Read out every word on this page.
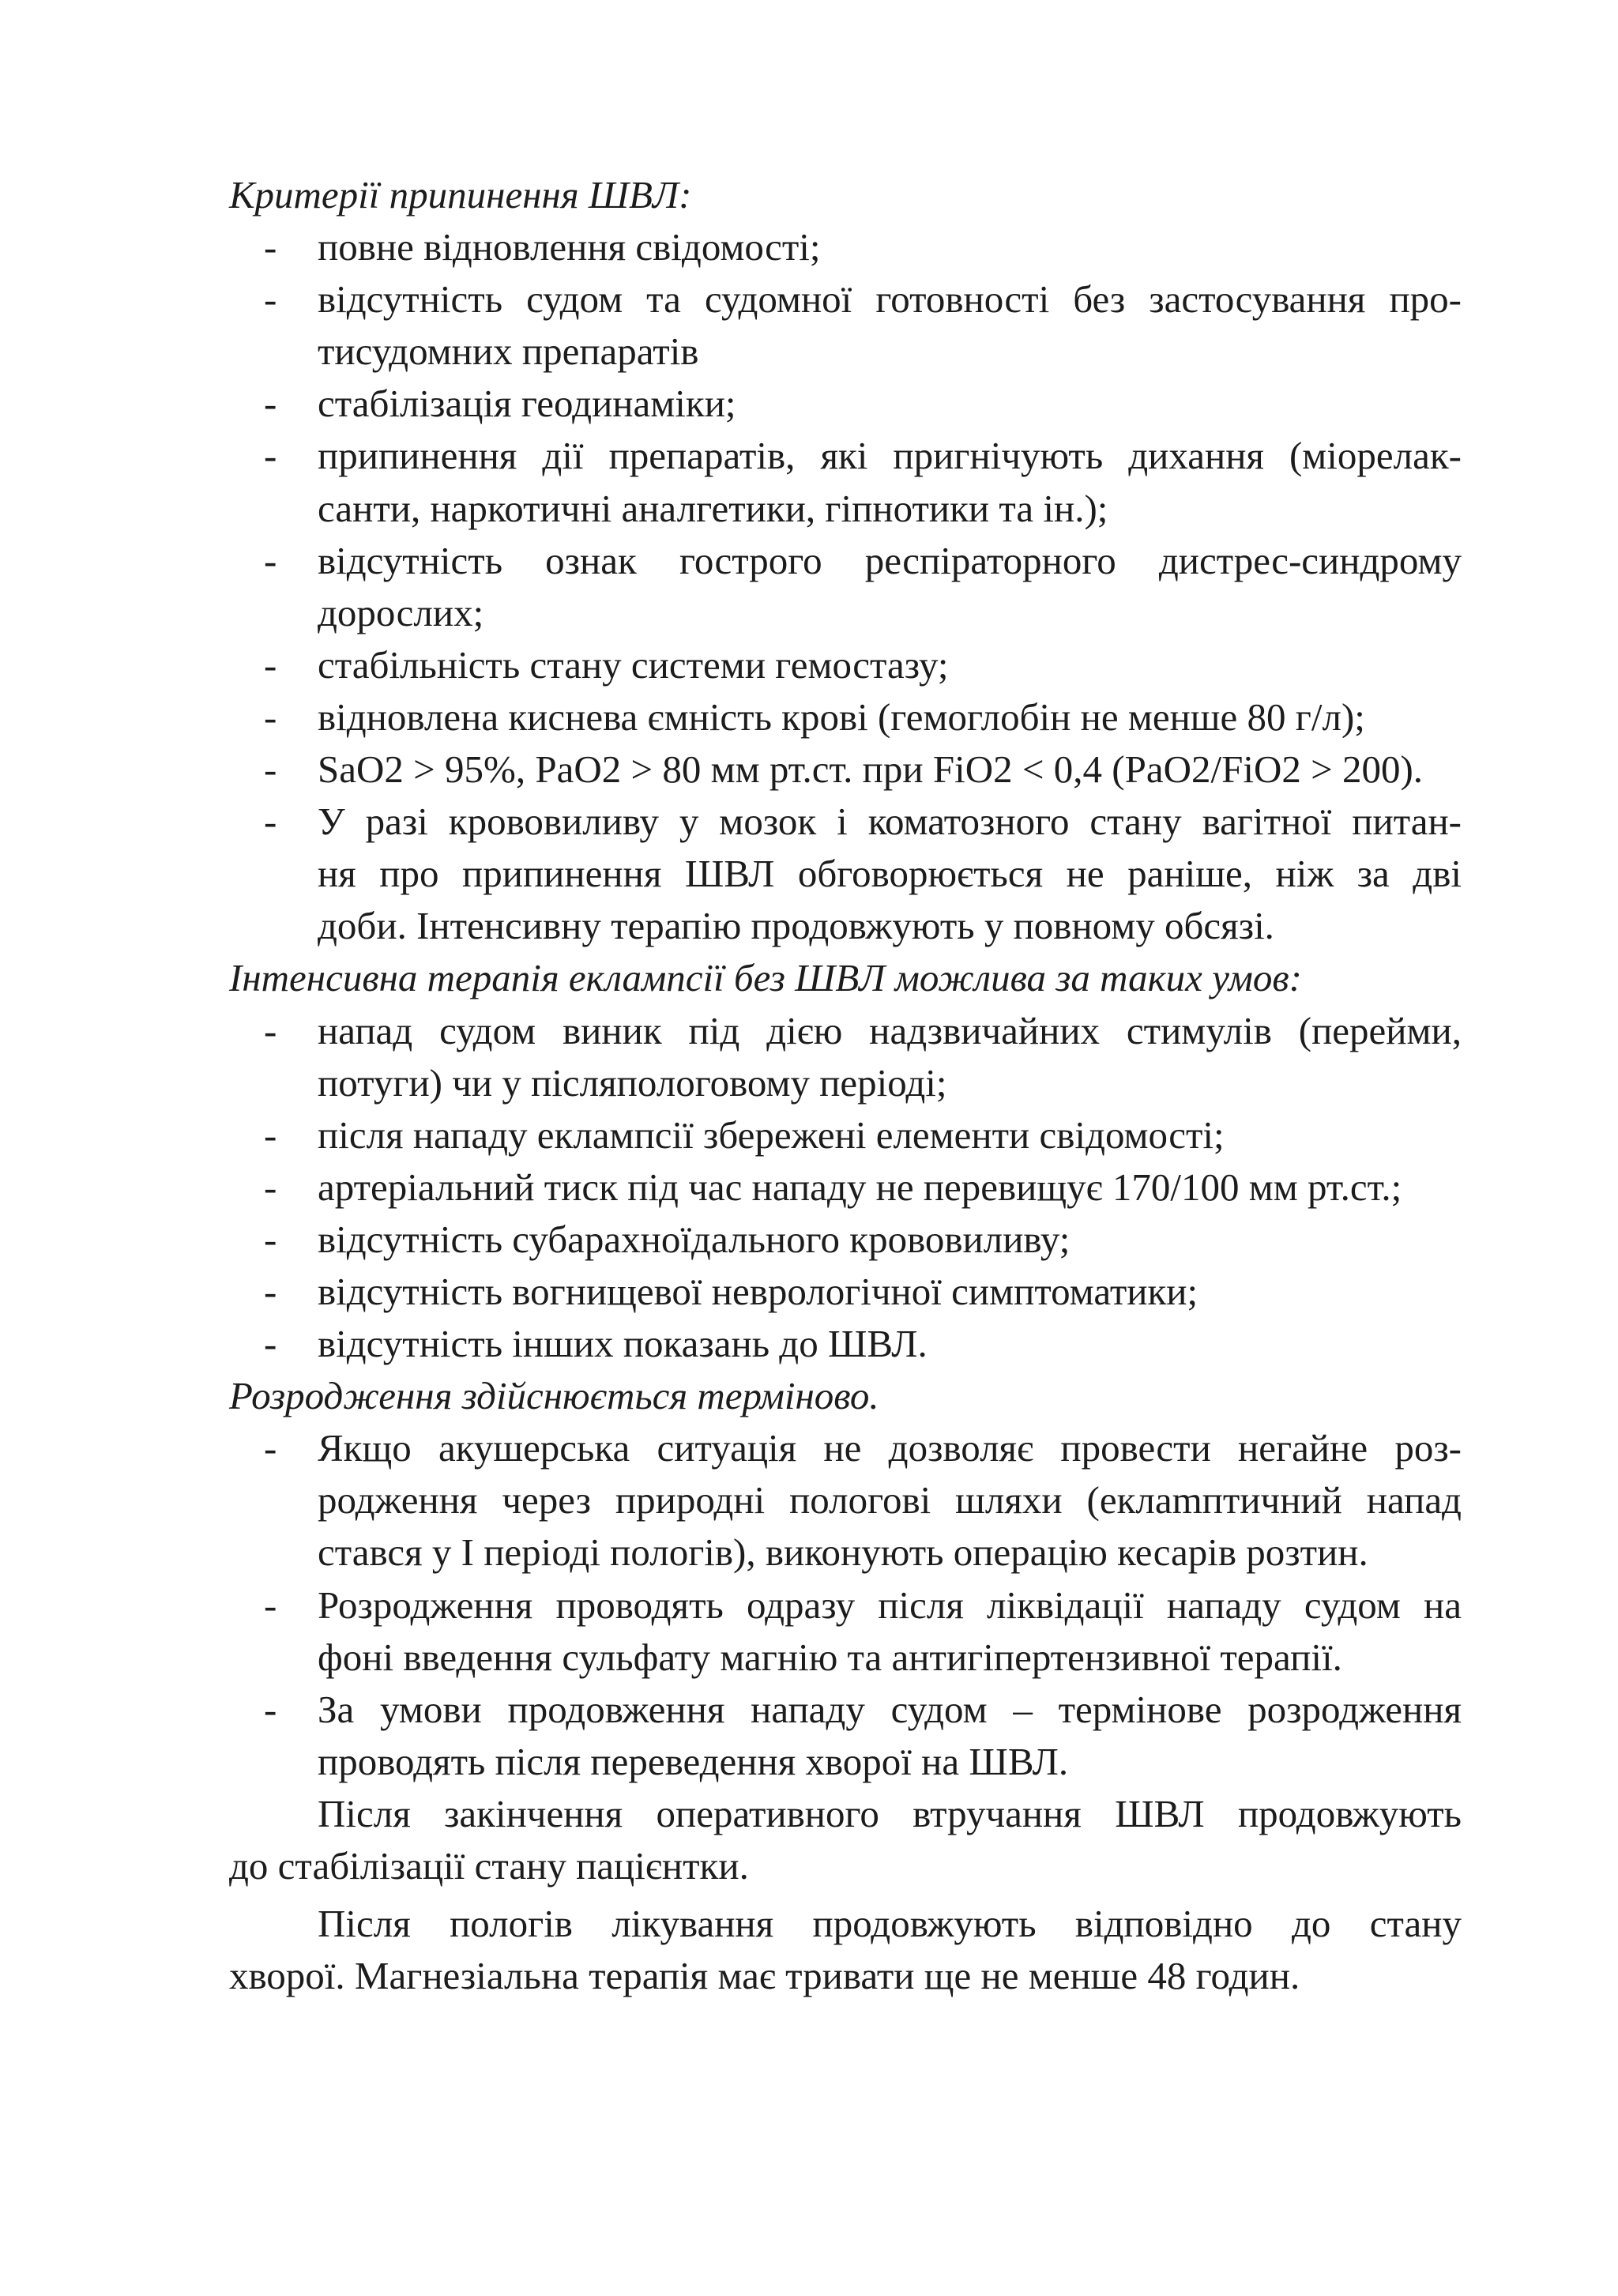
Критерії припинення ШВЛ:
- повне відновлення свідомості;
- відсутність судом та судомної готовності без застосування про-
тисудомних препаратів
- стабілізація геодинаміки;
- припинення дії препаратів, які пригнічують дихання (міорелак-
санти, наркотичні аналгетики, гіпнотики та ін.);
- відсутність ознак гострого респіраторного дистрес-синдрому
дорослих;
- стабільність стану системи гемостазу;
- відновлена киснева ємність крові (гемоглобін не менше 80 г/л);
- SaO2 > 95%, PaO2 > 80 мм рт.ст. при FiO2 < 0,4 (PaO2/FiO2 > 200).
- У разі крововиливу у мозок і коматозного стану вагітної питан-
ня про припинення ШВЛ обговорюється не раніше, ніж за дві
доби. Інтенсивну терапію продовжують у повному обсязі.
Інтенсивна терапія еклампсії без ШВЛ можлива за таких умов:
- напад судом виник під дією надзвичайних стимулів (перейми,
потуги) чи у післяпологовому періоді;
- після нападу еклампсії збережені елементи свідомості;
- артеріальний тиск під час нападу не перевищує 170/100 мм рт.ст.;
- відсутність субарахноїдального крововиливу;
- відсутність вогнищевої неврологічної симптоматики;
- відсутність інших показань до ШВЛ.
Розродження здійснюється терміново.
- Якщо акушерська ситуація не дозволяє провести негайне роз-
родження через природні пологові шляхи (еклamптичний напад
стався у І періоді пологів), виконують операцію кесарів розтин.
- Розродження проводять одразу після ліквідації нападу судом на
фоні введення сульфату магнію та антигіпертензивної терапії.
- За умови продовження нападу судом – термінове розродження
проводять після переведення хворої на ШВЛ.
Після закінчення оперативного втручання ШВЛ продовжують
до стабілізації стану пацієнтки.
Після пологів лікування продовжують відповідно до стану
хворої. Магнезіальна терапія має тривати ще не менше 48 годин.
